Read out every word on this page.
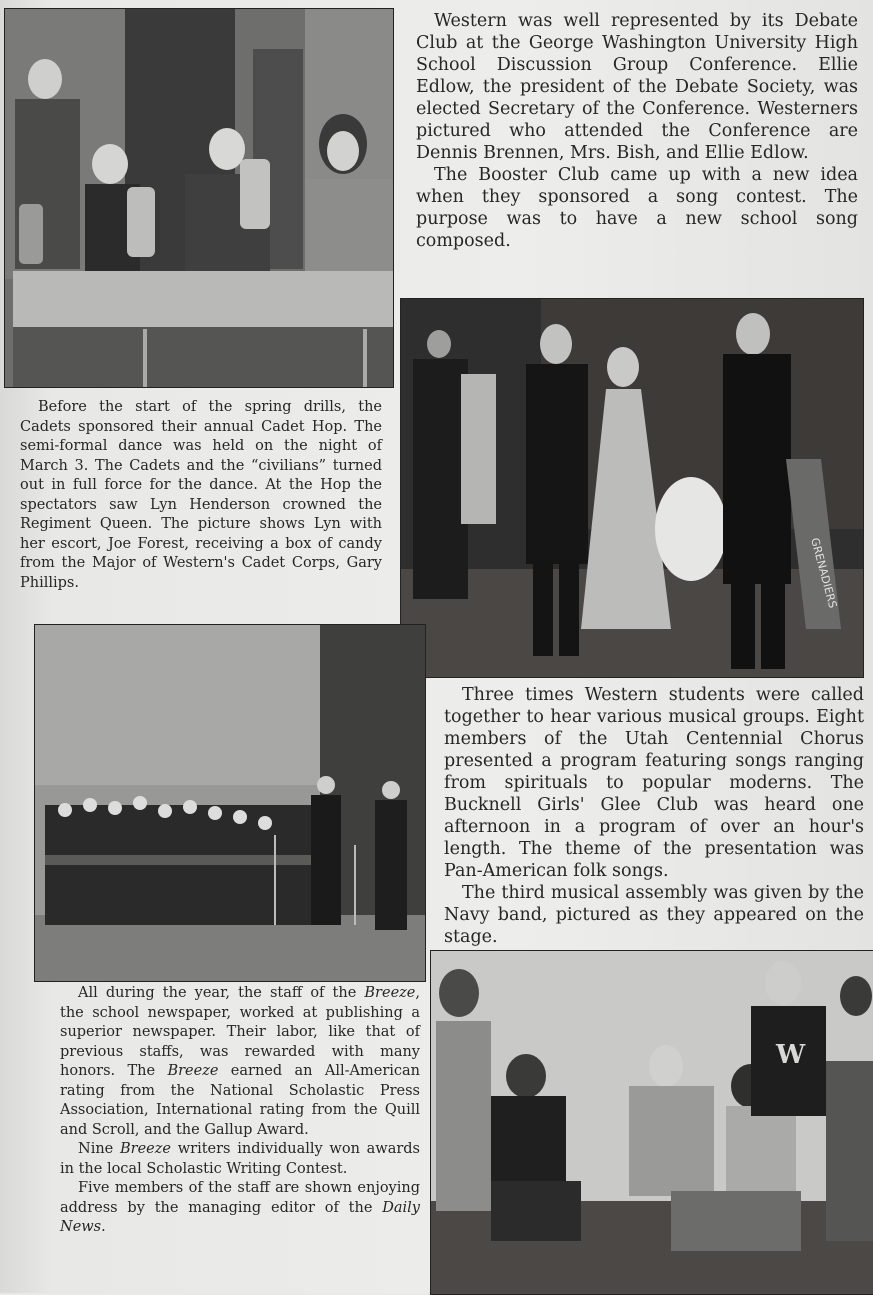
Western was well represented by its Debate Club at the George Washington University High School Discussion Group Conference. Ellie Edlow, the president of the Debate Society, was elected Secretary of the Conference. Westerners pictured who attended the Conference are Dennis Brennen, Mrs. Bish, and Ellie Edlow.

The Booster Club came up with a new idea when they sponsored a song contest. The purpose was to have a new school song composed.

Before the start of the spring drills, the Cadets sponsored their annual Cadet Hop. The semi-formal dance was held on the night of March 3. The Cadets and the “civilians” turned out in full force for the dance. At the Hop the spectators saw Lyn Henderson crowned the Regiment Queen. The picture shows Lyn with her escort, Joe Forest, receiving a box of candy from the Major of Western's Cadet Corps, Gary Phillips.	GRENADIERS

Three times Western students were called together to hear various musical groups. Eight members of the Utah Centennial Chorus presented a program featuring songs ranging from spirituals to popular moderns. The Bucknell Girls' Glee Club was heard one afternoon in a program of over an hour's length. The theme of the presentation was Pan-American folk songs.

The third musical assembly was given by the Navy band, pictured as they appeared on the stage.

All during the year, the staff of the Breeze, the school newspaper, worked at publishing a superior newspaper. Their labor, like that of previous staffs, was rewarded with many honors. The Breeze earned an All-American rating from the National Scholastic Press Association, International rating from the Quill and Scroll, and the Gallup Award.

Nine Breeze writers individually won awards in the local Scholastic Writing Contest.

Five members of the staff are shown enjoying address by the managing editor of the Daily News.

W
